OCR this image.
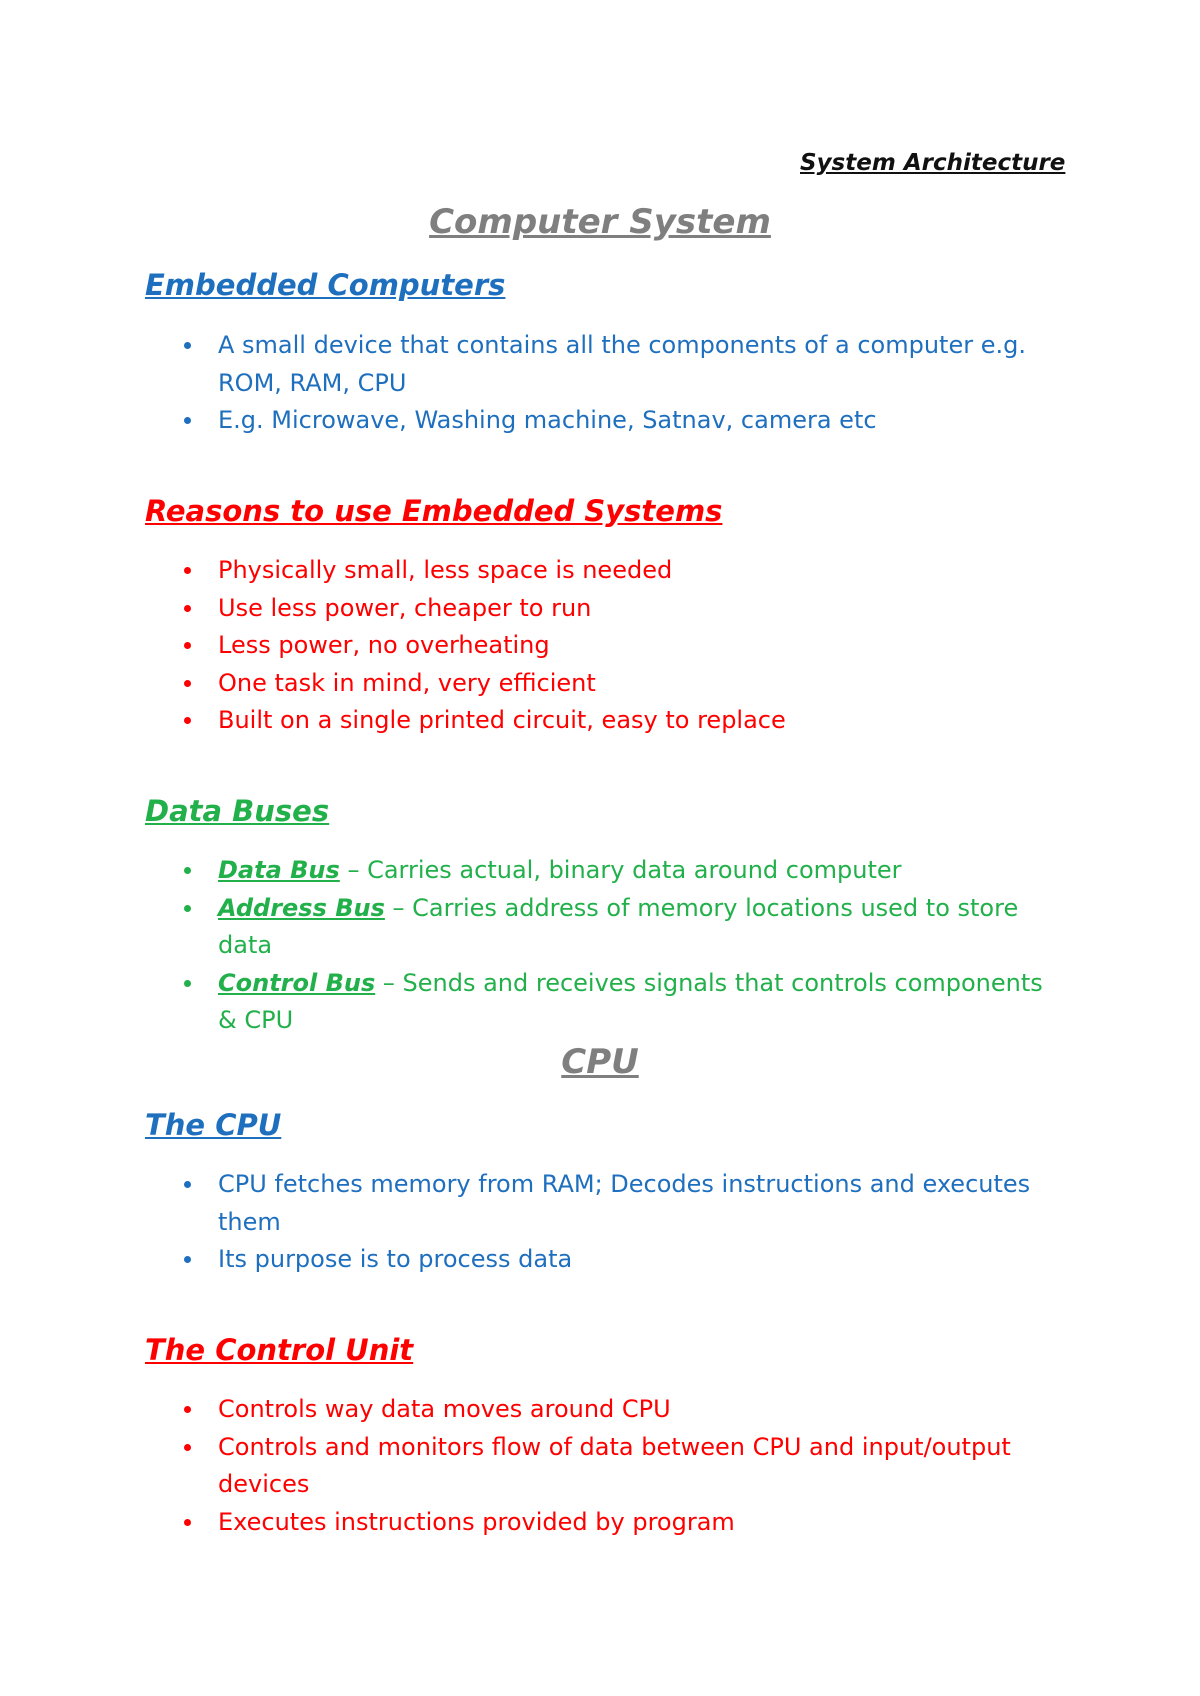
System Architecture
Computer System
Embedded Computers
A small device that contains all the components of a computer e.g. ROM, RAM, CPU
E.g. Microwave, Washing machine, Satnav, camera etc
Reasons to use Embedded Systems
Physically small, less space is needed
Use less power, cheaper to run
Less power, no overheating
One task in mind, very efficient
Built on a single printed circuit, easy to replace
Data Buses
Data Bus – Carries actual, binary data around computer
Address Bus – Carries address of memory locations used to store data
Control Bus – Sends and receives signals that controls components & CPU
CPU
The CPU
CPU fetches memory from RAM; Decodes instructions and executes them
Its purpose is to process data
The Control Unit
Controls way data moves around CPU
Controls and monitors flow of data between CPU and input/output devices
Executes instructions provided by program
